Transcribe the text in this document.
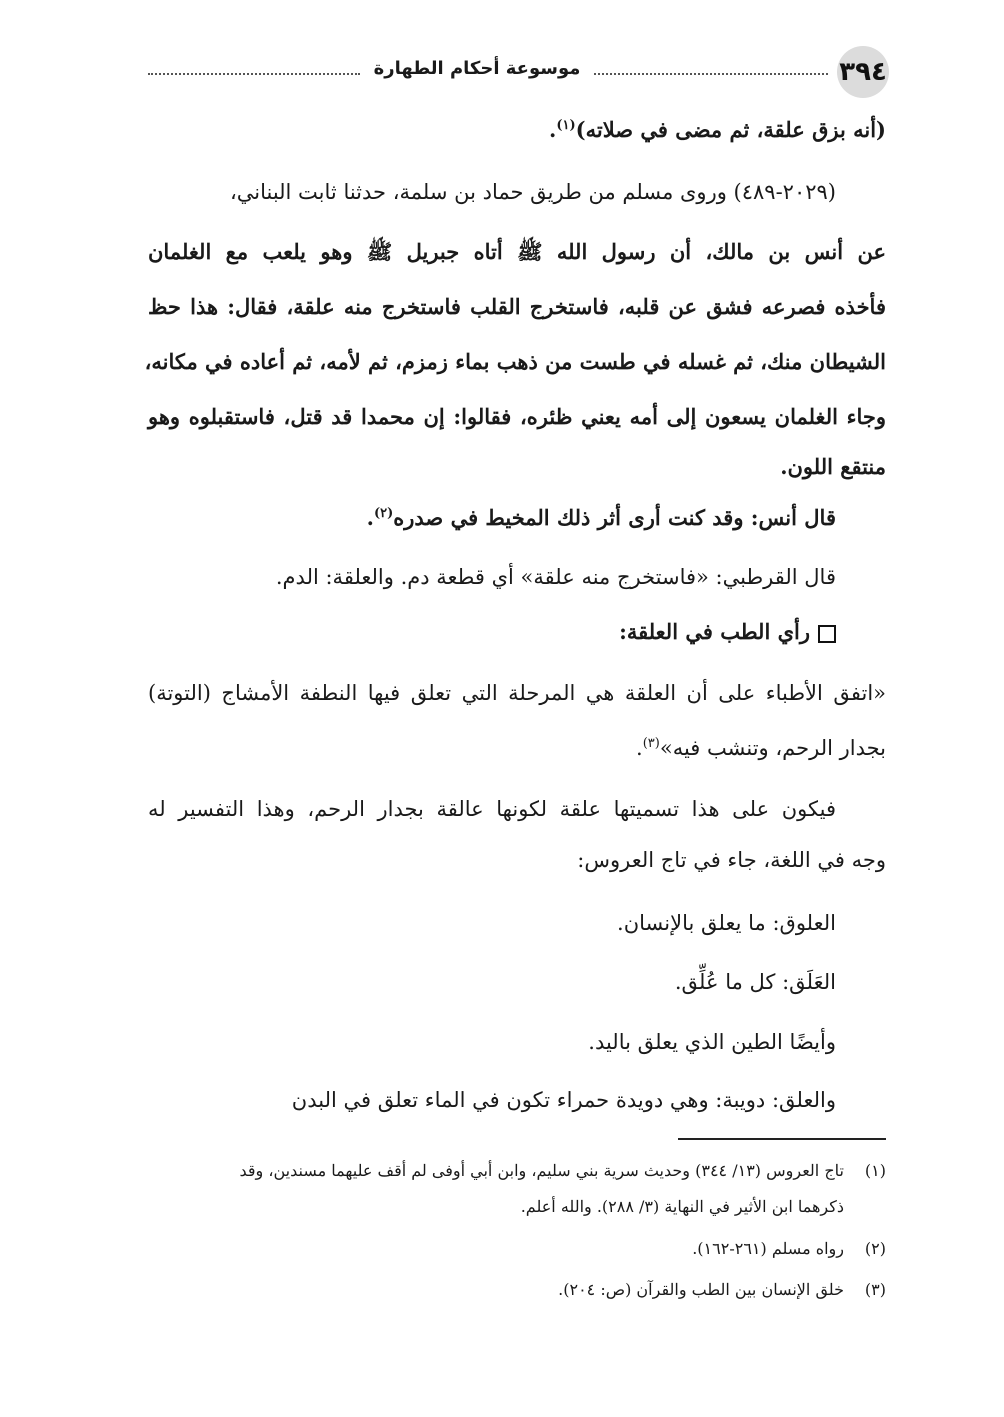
٣٩٤
موسوعة أحكام الطهارة
(أنه بزق علقة، ثم مضى في صلاته)$^{(١)}$.
(٢٠٢٩-٤٨٩) وروى مسلم من طريق حماد بن سلمة، حدثنا ثابت البناني،
عن أنس بن مالك، أن رسول الله ﷺ أتاه جبريل ﷺ وهو يلعب مع الغلمان
فأخذه فصرعه فشق عن قلبه، فاستخرج القلب فاستخرج منه علقة، فقال: هذا حظ
الشيطان منك، ثم غسله في طست من ذهب بماء زمزم، ثم لأمه، ثم أعاده في مكانه،
وجاء الغلمان يسعون إلى أمه يعني ظئره، فقالوا: إن محمدا قد قتل، فاستقبلوه وهو
منتقع اللون.
قال أنس: وقد كنت أرى أثر ذلك المخيط في صدره$^{(٢)}$.
قال القرطبي: «فاستخرج منه علقة» أي قطعة دم. والعلقة: الدم.
رأي الطب في العلقة:
«اتفق الأطباء على أن العلقة هي المرحلة التي تعلق فيها النطفة الأمشاج (التوتة)
بجدار الرحم، وتنشب فيه»$^{(٣)}$.
فيكون على هذا تسميتها علقة لكونها عالقة بجدار الرحم، وهذا التفسير له
وجه في اللغة، جاء في تاج العروس:
العلوق: ما يعلق بالإنسان.
العَلَق: كل ما عُلِّق.
وأيضًا الطين الذي يعلق باليد.
والعلق: دويبة: وهي دويدة حمراء تكون في الماء تعلق في البدن
(١)تاج العروس (١٣/ ٣٤٤) وحديث سرية بني سليم، وابن أبي أوفى لم أقف عليهما مسندين، وقد
ذكرهما ابن الأثير في النهاية (٣/ ٢٨٨). والله أعلم.
(٢)رواه مسلم (٢٦١-١٦٢).
(٣)خلق الإنسان بين الطب والقرآن (ص: ٢٠٤).
